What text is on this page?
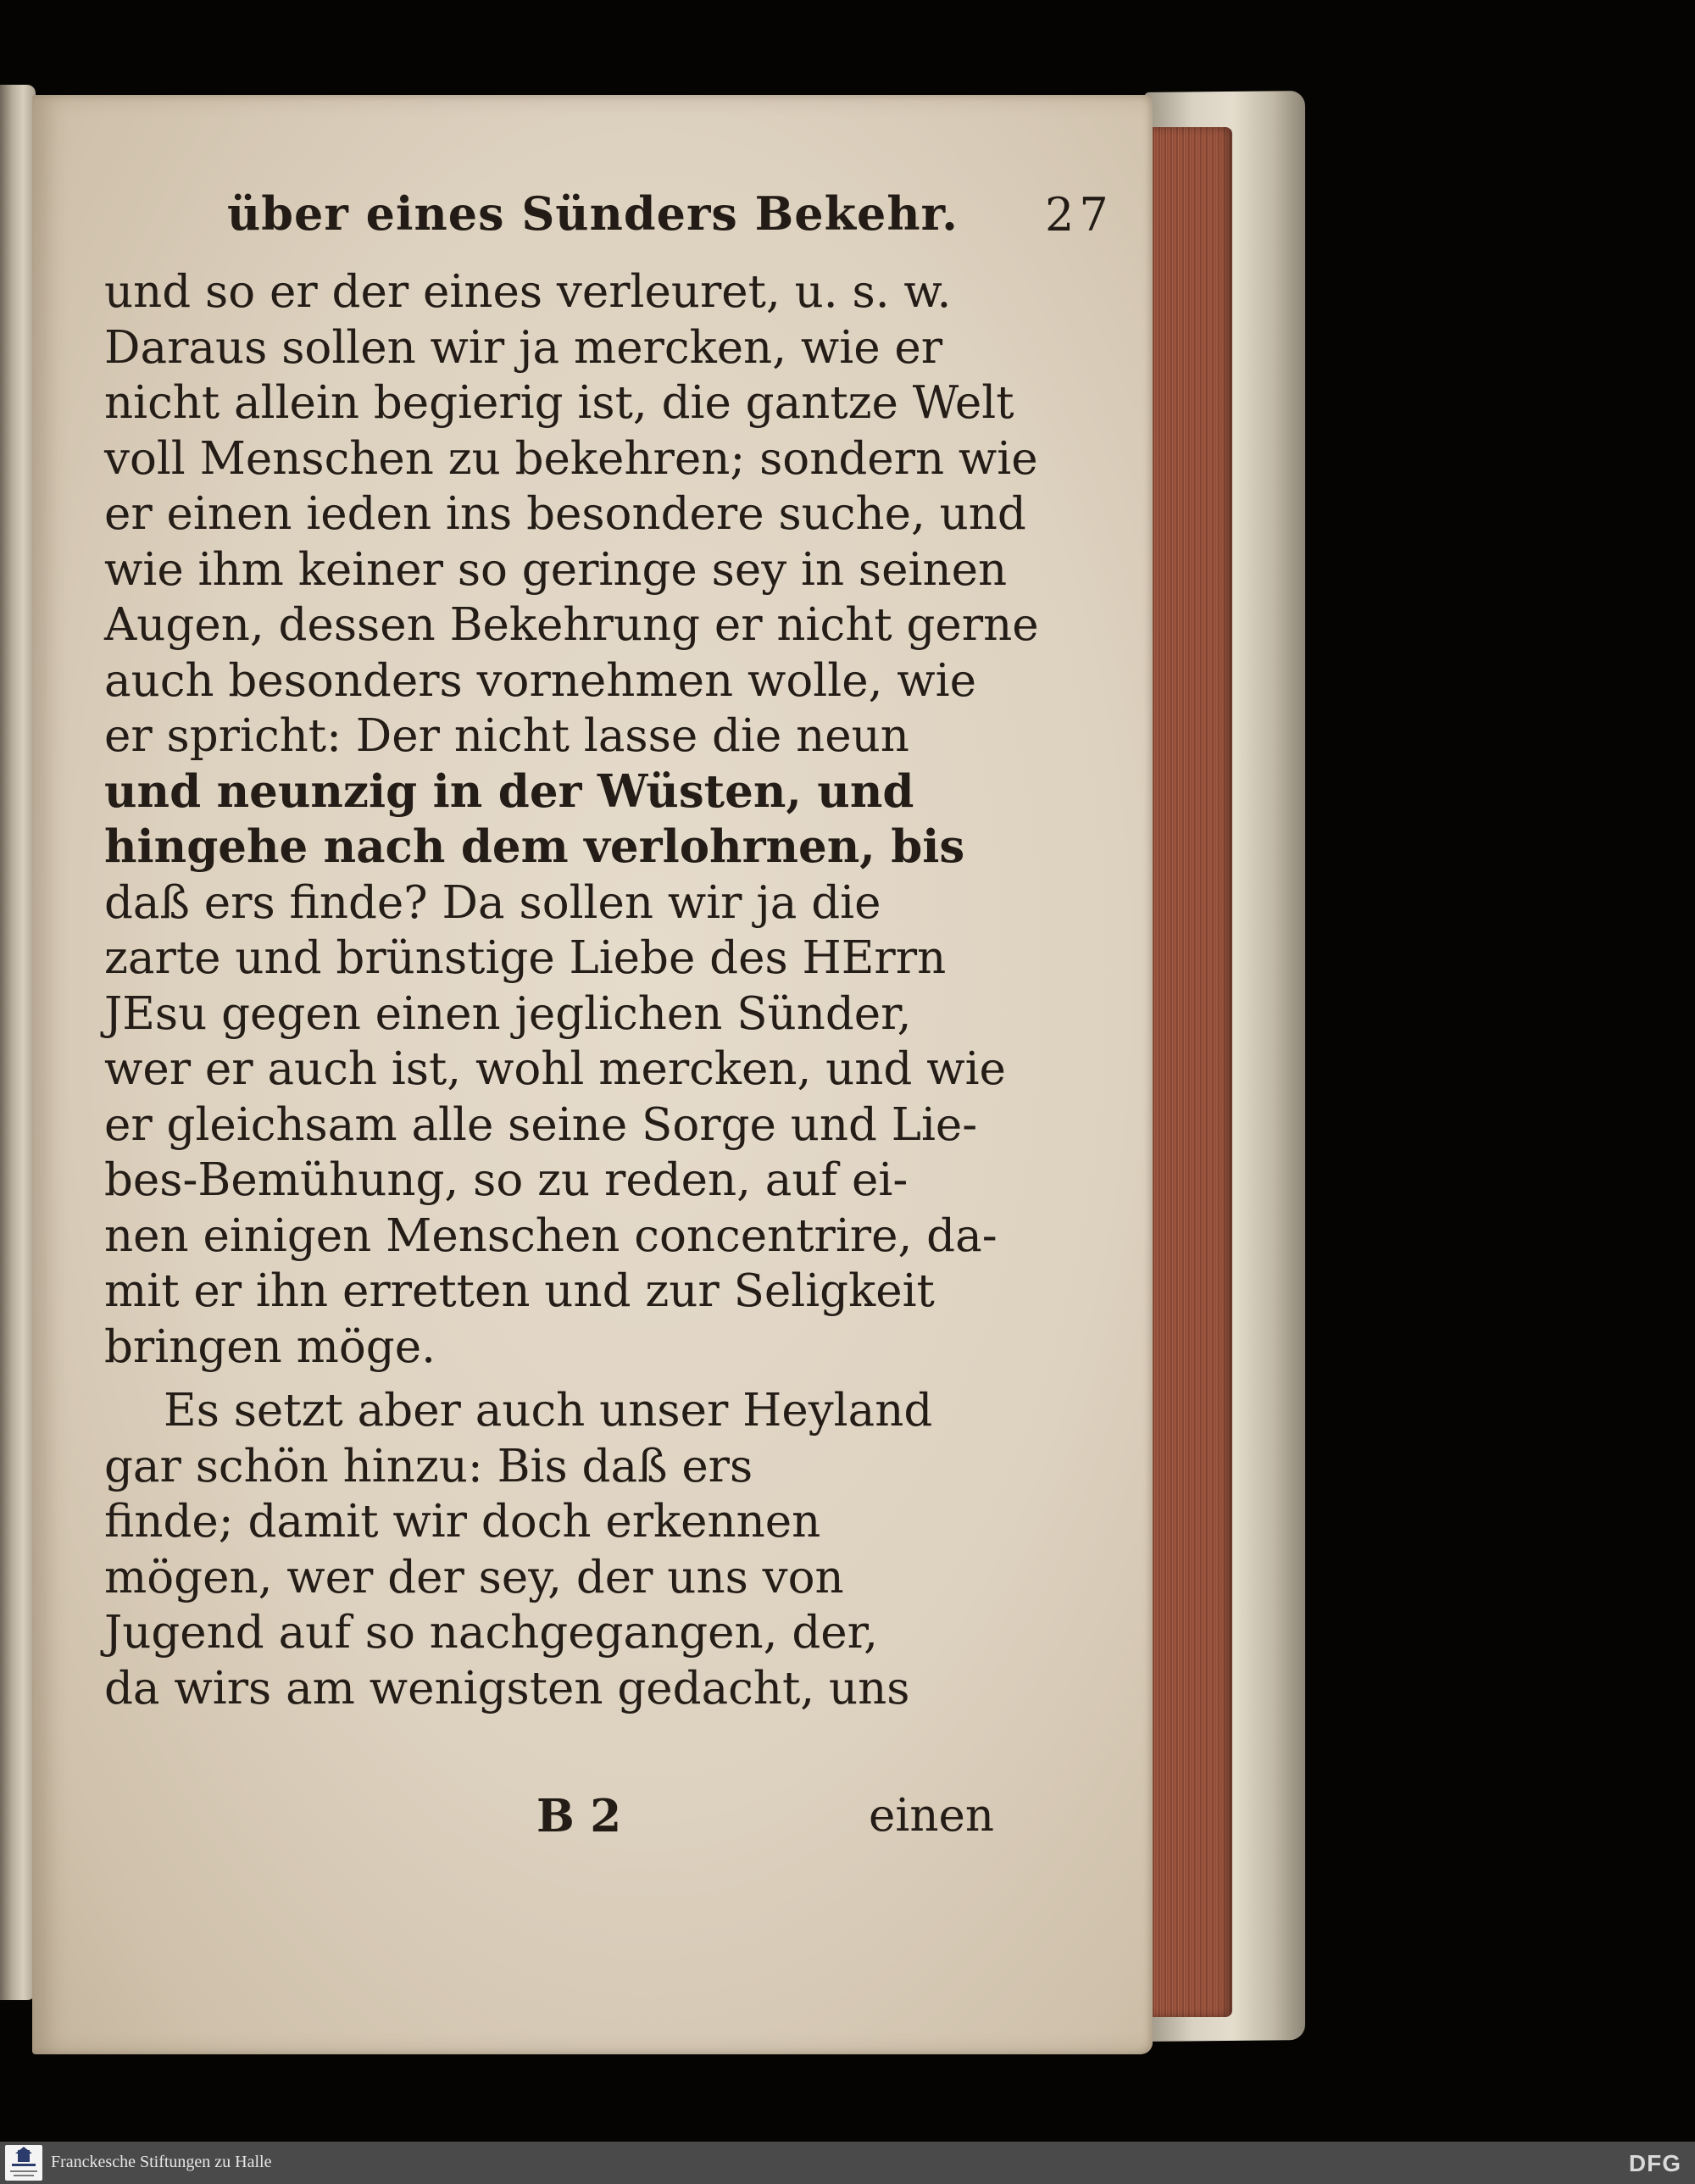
über eines Sünders Bekehr. 27
und so er der eines verleuret, u. s. w.
Daraus sollen wir ja mercken, wie er
nicht allein begierig ist, die gantze Welt
voll Menschen zu bekehren; sondern wie
er einen ieden ins besondere suche, und
wie ihm keiner so geringe sey in seinen
Augen, dessen Bekehrung er nicht gerne
auch besonders vornehmen wolle, wie
er spricht: Der nicht lasse die neun
und neunzig in der Wüsten, und
hingehe nach dem verlohrnen, bis
daß ers finde? Da sollen wir ja die
zarte und brünstige Liebe des HErrn
JEsu gegen einen jeglichen Sünder,
wer er auch ist, wohl mercken, und wie
er gleichsam alle seine Sorge und Lie-
bes-Bemühung, so zu reden, auf ei-
nen einigen Menschen concentrire, da-
mit er ihn erretten und zur Seligkeit
bringen möge.
Es setzt aber auch unser Heyland
gar schön hinzu: Bis daß ers
finde; damit wir doch erkennen
mögen, wer der sey, der uns von
Jugend auf so nachgegangen, der,
da wirs am wenigsten gedacht, uns
B 2	einen
Franckesche Stiftungen zu Halle	DFG
